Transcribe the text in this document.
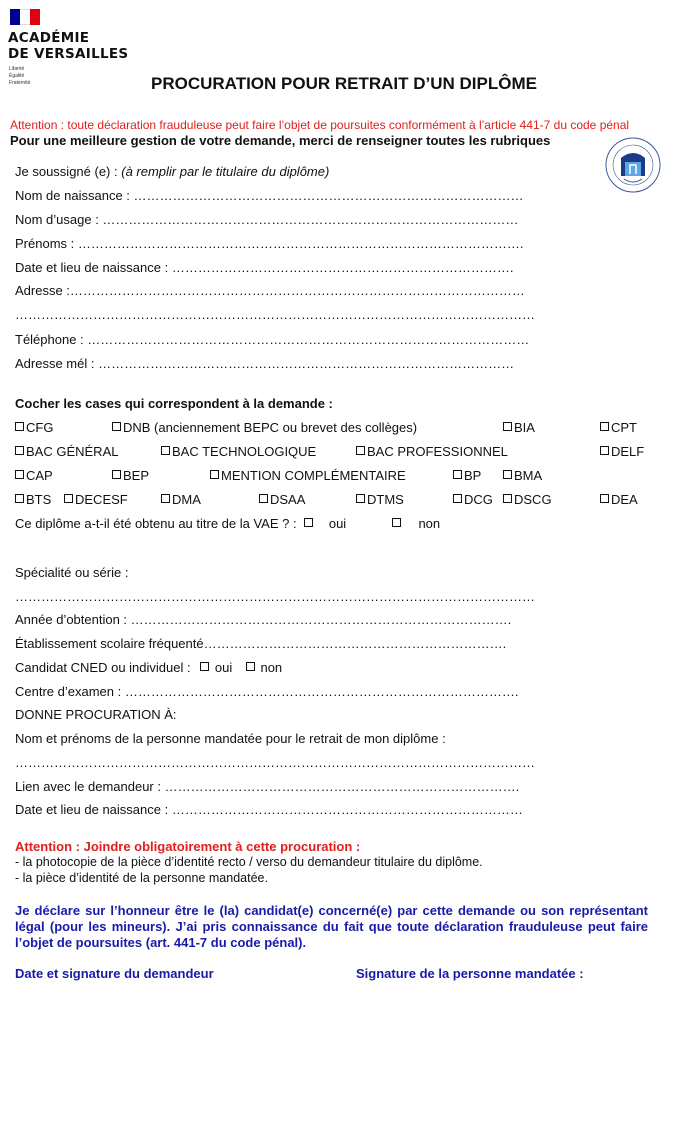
ACADÉMIE
DE VERSAILLES
Liberté
Égalité
Fraternité	PROCURATION POUR RETRAIT D’UN DIPLÔME
Attention : toute déclaration frauduleuse peut faire l’objet de poursuites conformément à l’article 441-7 du code pénal
Pour une meilleure gestion de votre demande, merci de renseigner toutes les rubriques
Je soussigné (e) : (à remplir par le titulaire du diplôme)
Nom de naissance : ………………………………………………………………………………
Nom d’usage : ……………………………………………………………………………………
Prénoms : ………………………………………………………………………………………….
Date et lieu de naissance : …………………………………………………………………….
Adresse :……………………………………………………………………………………………
…………………………………………………………………………………………………………
Téléphone : …………………………………………………………………………………………
Adresse mél : ……………………………………………………………………………………
Cocher les cases qui correspondent à la demande :
CFG	DNB (anciennement BEPC ou brevet des collèges)	BIA	CPT
BAC GÉNÉRAL	BAC TECHNOLOGIQUE	BAC PROFESSIONNEL	DELF
CAP	BEP	MENTION COMPLÉMENTAIRE	BP	BMA
BTS	DECESF	DMA	DSAA	DTMS	DCG	DSCG	DEA
Ce diplôme a-t-il été obtenu au titre de la VAE ? : oui	non
Spécialité ou série :
…………………………………………………………………………………………………………
Année d’obtention : …………………………………………………………………………….
Établissement scolaire fréquenté…………………………………………………………….
Candidat CNED ou individuel : oui non
Centre d’examen : ……………………………………………………………………………….
DONNE PROCURATION À:
Nom et prénoms de la personne mandatée pour le retrait de mon diplôme :
…………………………………………………………………………………………………………
Lien avec le demandeur : ……………………………………………………………………….
Date et lieu de naissance : ………………………………………………………………………
Attention : Joindre obligatoirement à cette procuration :
- la photocopie de la pièce d’identité recto / verso du demandeur titulaire du diplôme.
- la pièce d’identité de la personne mandatée.
Je déclare sur l’honneur être le (la) candidat(e) concerné(e) par cette demande ou son représentant légal (pour les mineurs). J’ai pris connaissance du fait que toute déclaration frauduleuse peut faire l’objet de poursuites (art. 441-7 du code pénal).
Date et signature du demandeur	Signature de la personne mandatée :
